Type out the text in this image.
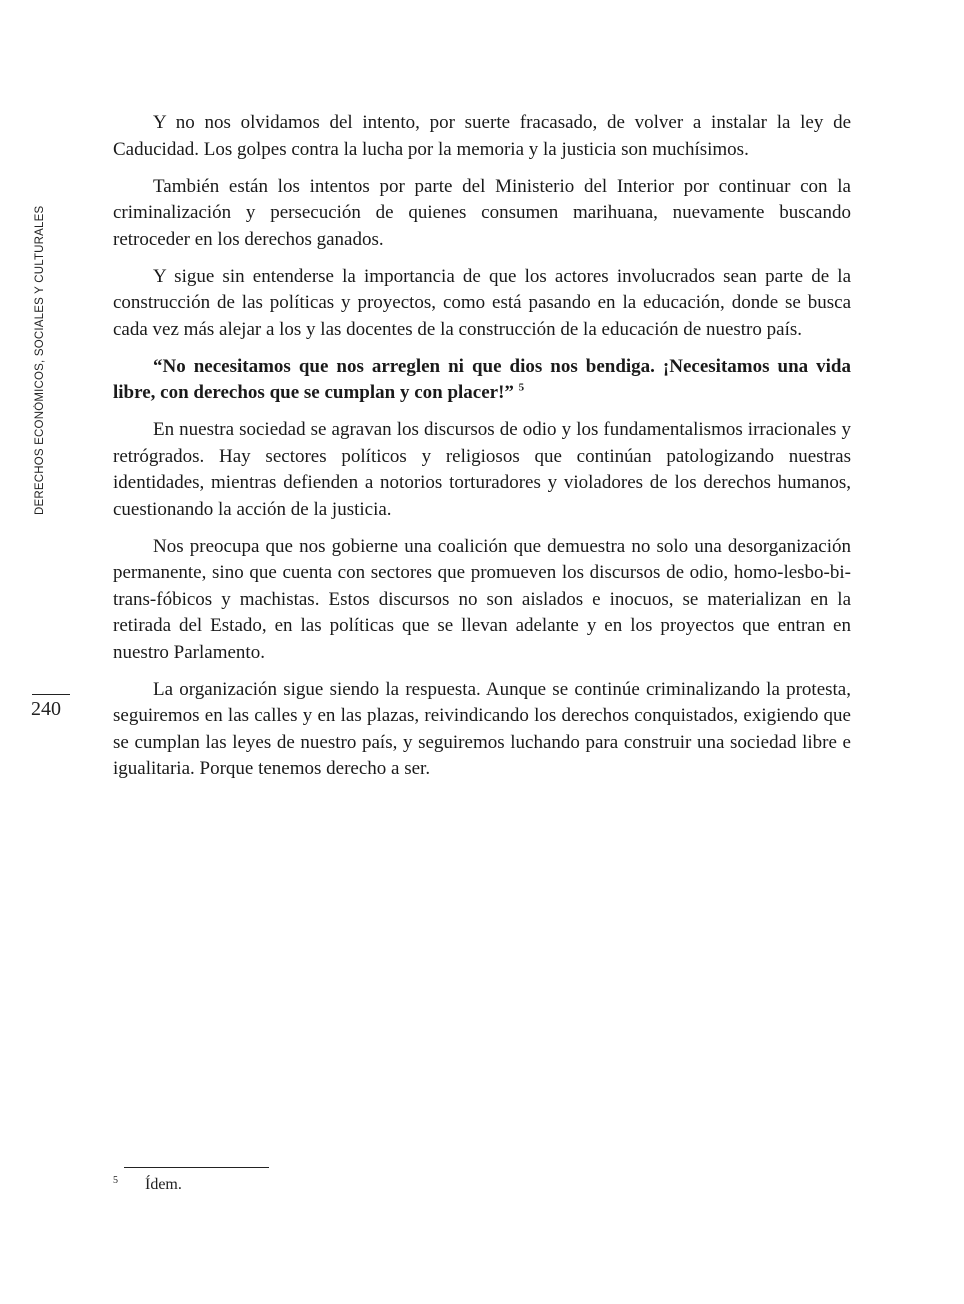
DERECHOS ECONÓMICOS, SOCIALES Y CULTURALES
240

Y no nos olvidamos del intento, por suerte fracasado, de volver a instalar la ley de Caducidad. Los golpes contra la lucha por la memoria y la justicia son muchísimos.

También están los intentos por parte del Ministerio del Interior por continuar con la criminalización y persecución de quienes consumen marihuana, nuevamente buscando retroceder en los derechos ganados.

Y sigue sin entenderse la importancia de que los actores involucrados sean parte de la construcción de las políticas y proyectos, como está pasando en la educación, donde se busca cada vez más alejar a los y las docentes de la construcción de la educación de nuestro país.

“No necesitamos que nos arreglen ni que dios nos bendiga. ¡Necesitamos una vida libre, con derechos que se cumplan y con placer!” $^5$

En nuestra sociedad se agravan los discursos de odio y los fundamentalismos irracionales y retrógrados. Hay sectores políticos y religiosos que continúan patologizando nuestras identidades, mientras defienden a notorios torturadores y violadores de los derechos humanos, cuestionando la acción de la justicia.

Nos preocupa que nos gobierne una coalición que demuestra no solo una desorganización permanente, sino que cuenta con sectores que promueven los discursos de odio, homo-lesbo-bi-trans-fóbicos y machistas. Estos discursos no son aislados e inocuos, se materializan en la retirada del Estado, en las políticas que se llevan adelante y en los proyectos que entran en nuestro Parlamento.

La organización sigue siendo la respuesta. Aunque se continúe criminalizando la protesta, seguiremos en las calles y en las plazas, reivindicando los derechos conquistados, exigiendo que se cumplan las leyes de nuestro país, y seguiremos luchando para construir una sociedad libre e igualitaria. Porque tenemos derecho a ser.

5 Ídem.
